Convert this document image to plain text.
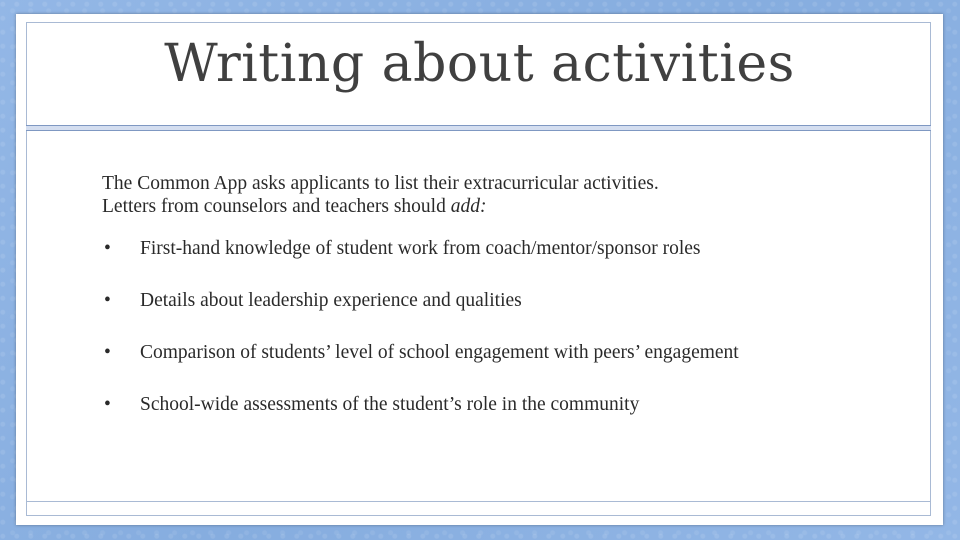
Writing about activities

The Common App asks applicants to list their extracurricular activities.
Letters from counselors and teachers should add:

• First-hand knowledge of student work from coach/mentor/sponsor roles
• Details about leadership experience and qualities
• Comparison of students’ level of school engagement with peers’ engagement
• School-wide assessments of the student’s role in the community
